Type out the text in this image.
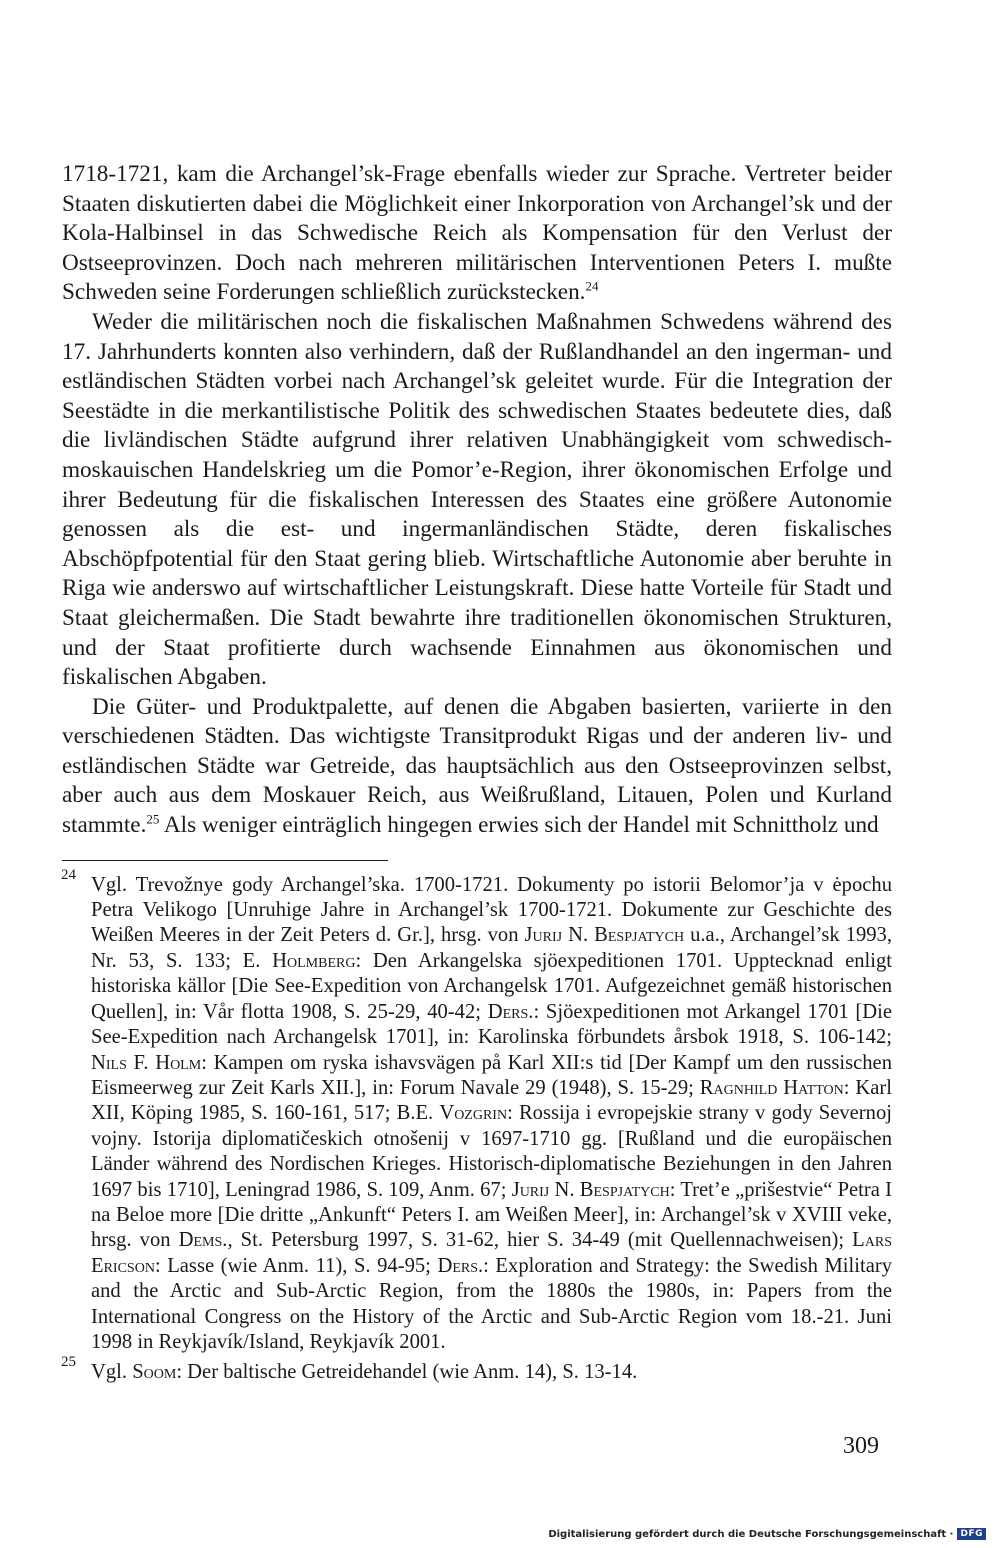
1718-1721, kam die Archangel’sk-Frage ebenfalls wieder zur Sprache. Vertreter beider Staaten diskutierten dabei die Möglichkeit einer Inkorporation von Archangel’sk und der Kola-Halbinsel in das Schwedische Reich als Kompensation für den Verlust der Ostseeprovinzen. Doch nach mehreren militärischen Interventionen Peters I. mußte Schweden seine Forderungen schließlich zurückstecken.$^{24}$

Weder die militärischen noch die fiskalischen Maßnahmen Schwedens während des 17. Jahrhunderts konnten also verhindern, daß der Rußlandhandel an den ingerman- und estländischen Städten vorbei nach Archangel’sk geleitet wurde. Für die Integration der Seestädte in die merkantilistische Politik des schwedischen Staates bedeutete dies, daß die livländischen Städte aufgrund ihrer relativen Unabhängigkeit vom schwedisch-moskauischen Handelskrieg um die Pomor’e-Region, ihrer ökonomischen Erfolge und ihrer Bedeutung für die fiskalischen Interessen des Staates eine größere Autonomie genossen als die est- und ingermanländischen Städte, deren fiskalisches Abschöpfpotential für den Staat gering blieb. Wirtschaftliche Autonomie aber beruhte in Riga wie anderswo auf wirtschaftlicher Leistungskraft. Diese hatte Vorteile für Stadt und Staat gleichermaßen. Die Stadt bewahrte ihre traditionellen ökonomischen Strukturen, und der Staat profitierte durch wachsende Einnahmen aus ökonomischen und fiskalischen Abgaben.

Die Güter- und Produktpalette, auf denen die Abgaben basierten, variierte in den verschiedenen Städten. Das wichtigste Transitprodukt Rigas und der anderen liv- und estländischen Städte war Getreide, das hauptsächlich aus den Ostseeprovinzen selbst, aber auch aus dem Moskauer Reich, aus Weißrußland, Litauen, Polen und Kurland stammte.$^{25}$ Als weniger einträglich hingegen erwies sich der Handel mit Schnittholz und

24 Vgl. Trevožnye gody Archangel’ska. 1700-1721. Dokumenty po istorii Belomor’ja v ėpochu Petra Velikogo [Unruhige Jahre in Archangel’sk 1700-1721. Dokumente zur Geschichte des Weißen Meeres in der Zeit Peters d. Gr.], hrsg. von Jurij N. Bespjatych u.a., Archangel’sk 1993, Nr. 53, S. 133; E. Holmberg: Den Arkangelska sjöexpeditionen 1701. Upptecknad enligt historiska källor [Die See-Expedition von Archangelsk 1701. Aufgezeichnet gemäß historischen Quellen], in: Vår flotta 1908, S. 25-29, 40-42; Ders.: Sjöexpeditionen mot Arkangel 1701 [Die See-Expedition nach Archangelsk 1701], in: Karolinska förbundets årsbok 1918, S. 106-142; Nils F. Holm: Kampen om ryska ishavsvägen på Karl XII:s tid [Der Kampf um den russischen Eismeerweg zur Zeit Karls XII.], in: Forum Navale 29 (1948), S. 15-29; Ragnhild Hatton: Karl XII, Köping 1985, S. 160-161, 517; B.E. Vozgrin: Rossija i evropejskie strany v gody Severnoj vojny. Istorija diplomatičeskich otnošenij v 1697-1710 gg. [Rußland und die europäischen Länder während des Nordischen Krieges. Historisch-diplomatische Beziehungen in den Jahren 1697 bis 1710], Leningrad 1986, S. 109, Anm. 67; Jurij N. Bespjatych: Tret’e „prišestvie“ Petra I na Beloe more [Die dritte „Ankunft“ Peters I. am Weißen Meer], in: Archangel’sk v XVIII veke, hrsg. von Dems., St. Petersburg 1997, S. 31-62, hier S. 34-49 (mit Quellennachweisen); Lars Ericson: Lasse (wie Anm. 11), S. 94-95; Ders.: Exploration and Strategy: the Swedish Military and the Arctic and Sub-Arctic Region, from the 1880s the 1980s, in: Papers from the International Congress on the History of the Arctic and Sub-Arctic Region vom 18.-21. Juni 1998 in Reykjavík/Island, Reykjavík 2001.
25 Vgl. Soom: Der baltische Getreidehandel (wie Anm. 14), S. 13-14.
309
Digitalisierung gefördert durch die Deutsche Forschungsgemeinschaft · DFG
